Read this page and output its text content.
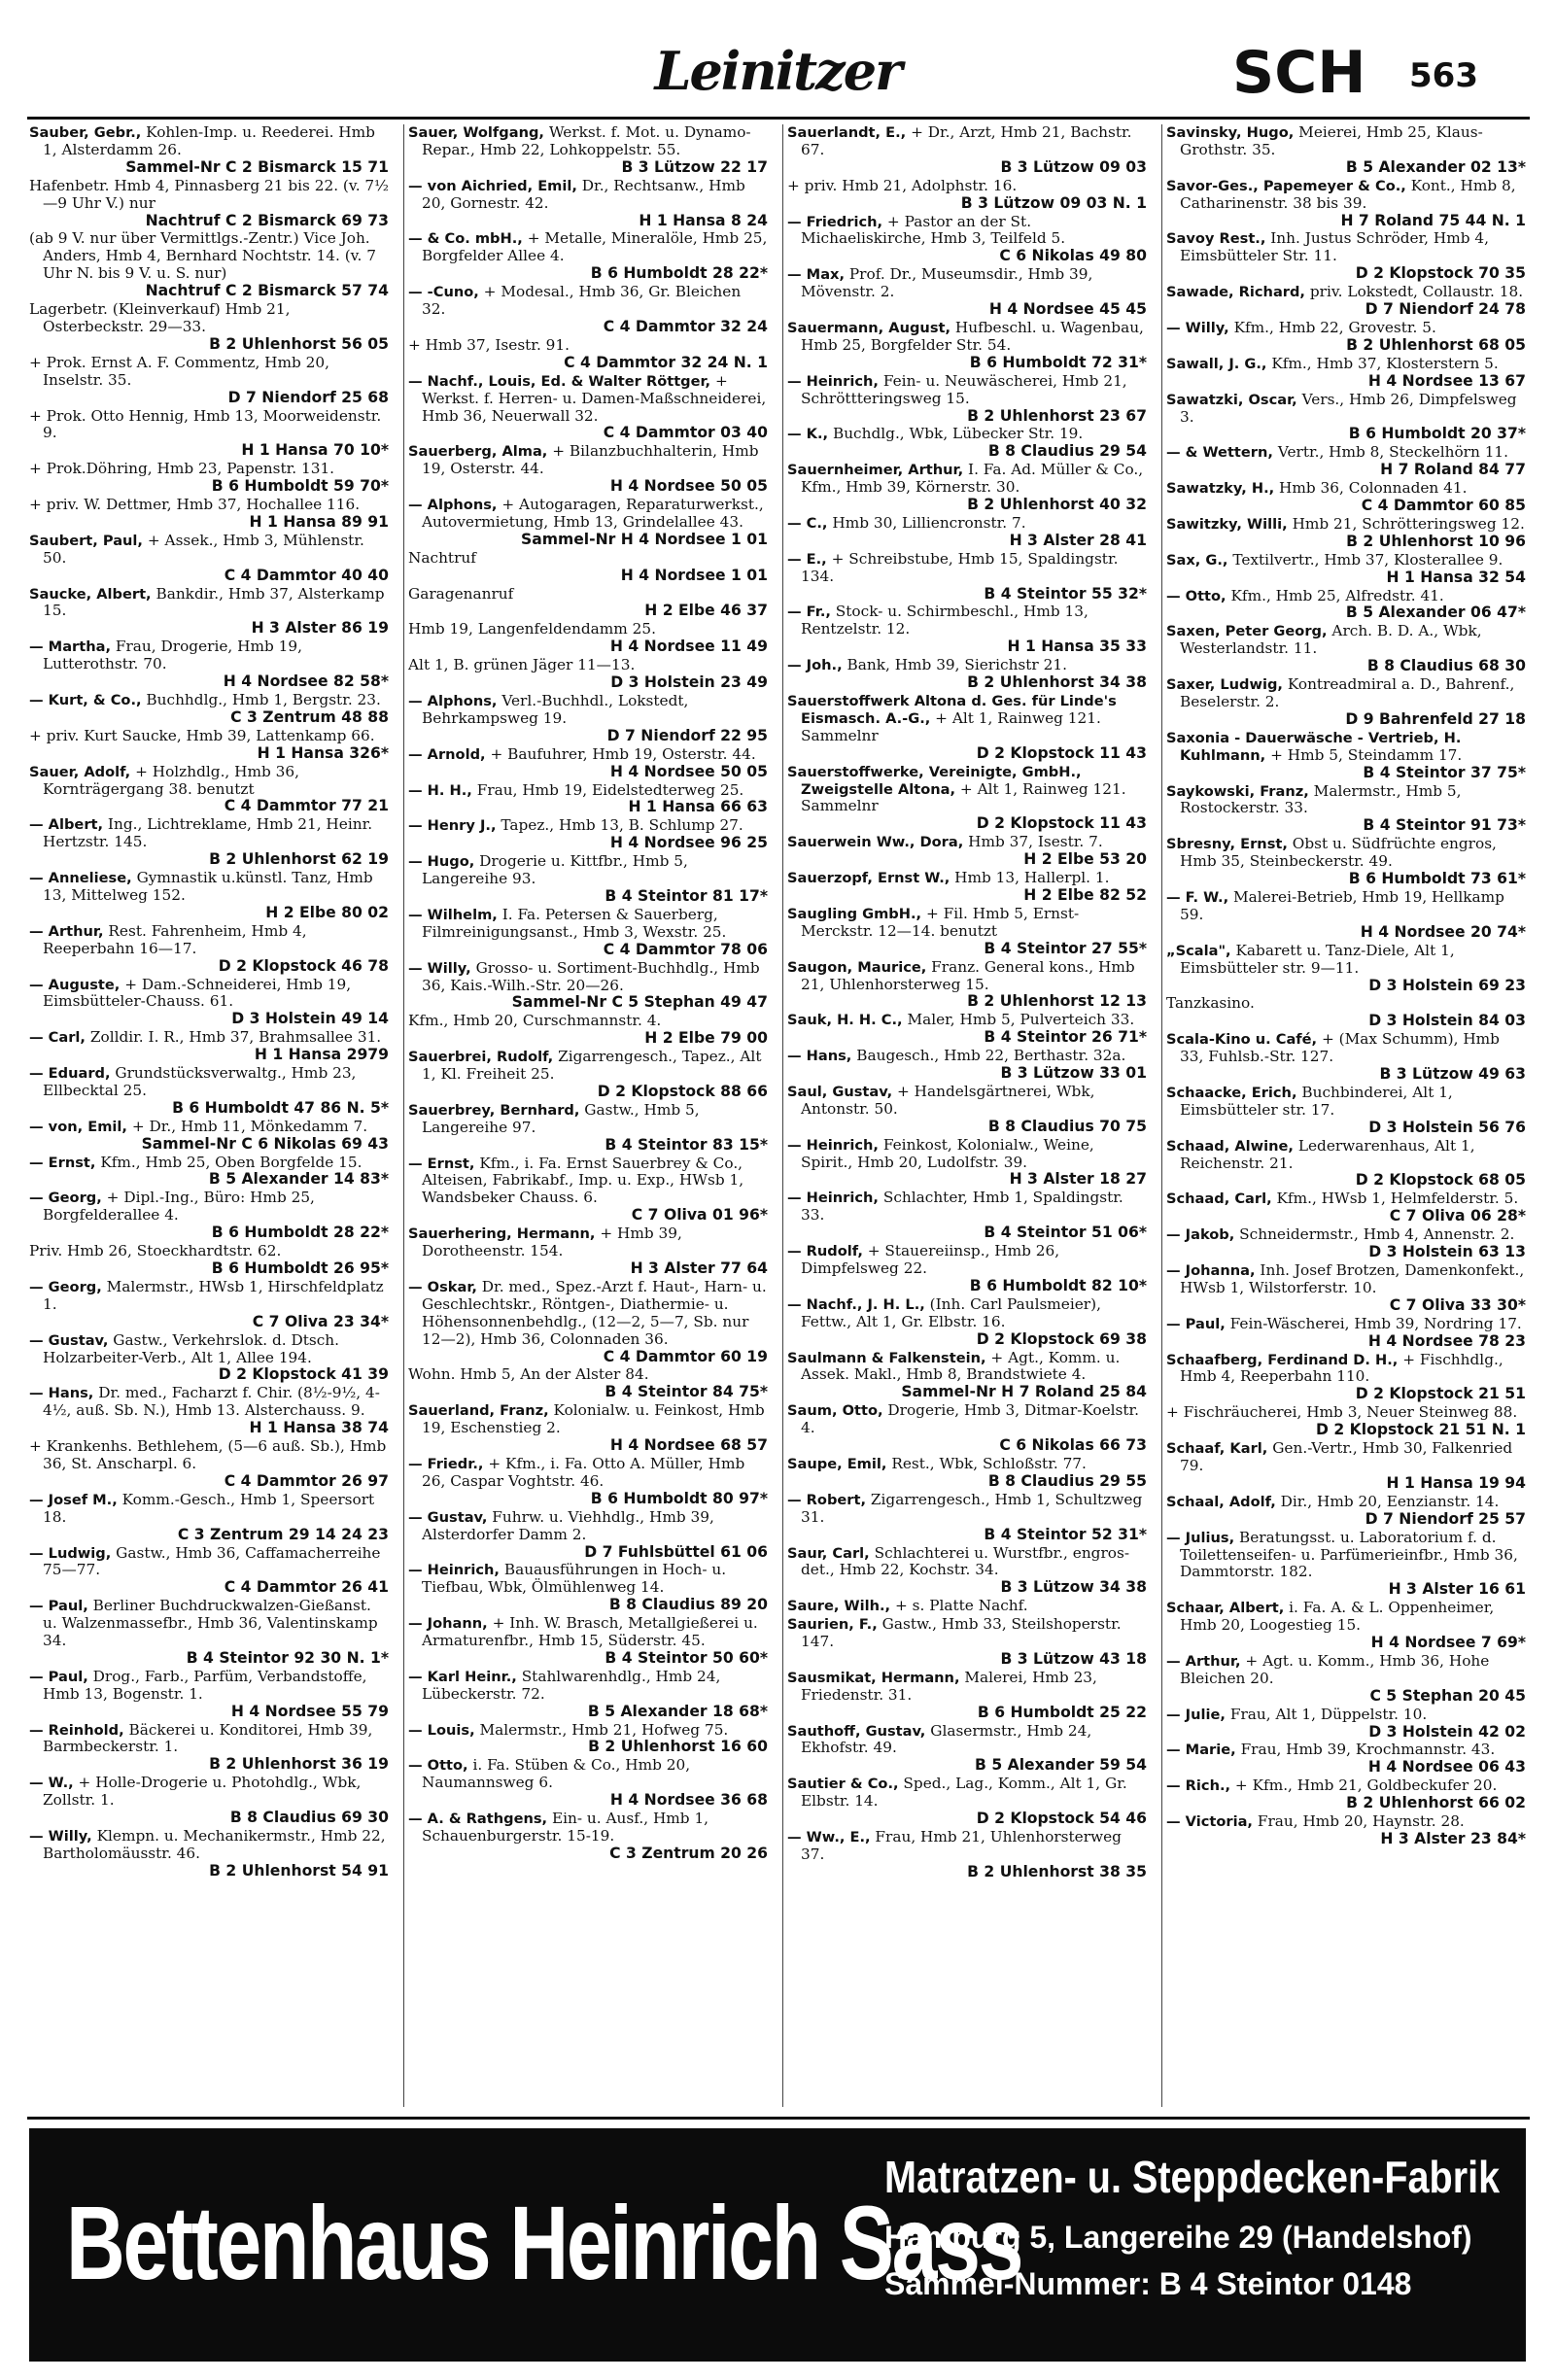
Leinitzer	SCH 563
Sauber, Gebr., Kohlen-Imp. u. Reederei. Hmb 1, Alsterdamm 26.
Sammel-Nr C 2 Bismarck 15 71
Hafenbetr. Hmb 4, Pinnasberg 21 bis 22. (v. 7½—9 Uhr V.) nur
Nachtruf C 2 Bismarck 69 73
(ab 9 V. nur über Vermittlgs.-Zentr.) Vice Joh. Anders, Hmb 4, Bernhard Nochtstr. 14. (v. 7 Uhr N. bis 9 V. u. S. nur)
Nachtruf C 2 Bismarck 57 74
Lagerbetr. (Kleinverkauf) Hmb 21, Osterbeckstr. 29—33.
B 2 Uhlenhorst 56 05
+ Prok. Ernst A. F. Commentz, Hmb 20, Inselstr. 35.
D 7 Niendorf 25 68
+ Prok. Otto Hennig, Hmb 13, Moorweidenstr. 9.
H 1 Hansa 70 10*
+ Prok.Döhring, Hmb 23, Papenstr. 131.
B 6 Humboldt 59 70*
+ priv. W. Dettmer, Hmb 37, Hochallee 116.
H 1 Hansa 89 91
Saubert, Paul, + Assek., Hmb 3, Mühlenstr. 50.
C 4 Dammtor 40 40
Saucke, Albert, Bankdir., Hmb 37, Alsterkamp 15.
H 3 Alster 86 19
— Martha, Frau, Drogerie, Hmb 19, Lutterothstr. 70.
H 4 Nordsee 82 58*
— Kurt, & Co., Buchhdlg., Hmb 1, Bergstr. 23.
C 3 Zentrum 48 88
+ priv. Kurt Saucke, Hmb 39, Lattenkamp 66.
H 1 Hansa 326*
Sauer, Adolf, + Holzhdlg., Hmb 36, Kornträgergang 38. benutzt
C 4 Dammtor 77 21
— Albert, Ing., Lichtreklame, Hmb 21, Heinr. Hertzstr. 145.
B 2 Uhlenhorst 62 19
— Anneliese, Gymnastik u.künstl. Tanz, Hmb 13, Mittelweg 152.
H 2 Elbe 80 02
— Arthur, Rest. Fahrenheim, Hmb 4, Reeperbahn 16—17.
D 2 Klopstock 46 78
— Auguste, + Dam.-Schneiderei, Hmb 19, Eimsbütteler-Chauss. 61.
D 3 Holstein 49 14
— Carl, Zolldir. I. R., Hmb 37, Brahmsallee 31.
H 1 Hansa 2979
— Eduard, Grundstücksverwaltg., Hmb 23, Ellbecktal 25.
B 6 Humboldt 47 86 N. 5*
— von, Emil, + Dr., Hmb 11, Mönkedamm 7.
Sammel-Nr C 6 Nikolas 69 43
— Ernst, Kfm., Hmb 25, Oben Borgfelde 15.
B 5 Alexander 14 83*
— Georg, + Dipl.-Ing., Büro: Hmb 25, Borgfelderallee 4.
B 6 Humboldt 28 22*
Priv. Hmb 26, Stoeckhardtstr. 62.
B 6 Humboldt 26 95*
— Georg, Malermstr., HWsb 1, Hirschfeldplatz 1.
C 7 Oliva 23 34*
— Gustav, Gastw., Verkehrslok. d. Dtsch. Holzarbeiter-Verb., Alt 1, Allee 194.
D 2 Klopstock 41 39
— Hans, Dr. med., Facharzt f. Chir. (8½-9½, 4-4½, auß. Sb. N.), Hmb 13. Alsterchauss. 9.
H 1 Hansa 38 74
+ Krankenhs. Bethlehem, (5—6 auß. Sb.), Hmb 36, St. Anscharpl. 6.
C 4 Dammtor 26 97
— Josef M., Komm.-Gesch., Hmb 1, Speersort 18.
C 3 Zentrum 29 14 24 23
— Ludwig, Gastw., Hmb 36, Caffamacherreihe 75—77.
C 4 Dammtor 26 41
— Paul, Berliner Buchdruckwalzen-Gießanst. u. Walzenmassefbr., Hmb 36, Valentinskamp 34.
B 4 Steintor 92 30 N. 1*
— Paul, Drog., Farb., Parfüm, Verbandstoffe, Hmb 13, Bogenstr. 1.
H 4 Nordsee 55 79
— Reinhold, Bäckerei u. Konditorei, Hmb 39, Barmbeckerstr. 1.
B 2 Uhlenhorst 36 19
— W., + Holle-Drogerie u. Photohdlg., Wbk, Zollstr. 1.
B 8 Claudius 69 30
— Willy, Klempn. u. Mechanikermstr., Hmb 22, Bartholomäusstr. 46.
B 2 Uhlenhorst 54 91
Sauer, Wolfgang, Werkst. f. Mot. u. Dynamo-Repar., Hmb 22, Lohkoppelstr. 55.
B 3 Lützow 22 17
— von Aichried, Emil, Dr., Rechtsanw., Hmb 20, Gornestr. 42.
H 1 Hansa 8 24
— & Co. mbH., + Metalle, Mineralöle, Hmb 25, Borgfelder Allee 4.
B 6 Humboldt 28 22*
— -Cuno, + Modesal., Hmb 36, Gr. Bleichen 32.
C 4 Dammtor 32 24
+ Hmb 37, Isestr. 91.
C 4 Dammtor 32 24 N. 1
— Nachf., Louis, Ed. & Walter Röttger, + Werkst. f. Herren- u. Damen-Maßschneiderei, Hmb 36, Neuerwall 32.
C 4 Dammtor 03 40
Sauerberg, Alma, + Bilanzbuchhalterin, Hmb 19, Osterstr. 44.
H 4 Nordsee 50 05
— Alphons, + Autogaragen, Reparaturwerkst., Autovermietung, Hmb 13, Grindelallee 43.
Sammel-Nr H 4 Nordsee 1 01
Nachtruf
H 4 Nordsee 1 01
Garagenanruf
H 2 Elbe 46 37
Hmb 19, Langenfeldendamm 25.
H 4 Nordsee 11 49
Alt 1, B. grünen Jäger 11—13.
D 3 Holstein 23 49
— Alphons, Verl.-Buchhdl., Lokstedt, Behrkampsweg 19.
D 7 Niendorf 22 95
— Arnold, + Baufuhrer, Hmb 19, Osterstr. 44.
H 4 Nordsee 50 05
— H. H., Frau, Hmb 19, Eidelstedterweg 25.
H 1 Hansa 66 63
— Henry J., Tapez., Hmb 13, B. Schlump 27.
H 4 Nordsee 96 25
— Hugo, Drogerie u. Kittfbr., Hmb 5, Langereihe 93.
B 4 Steintor 81 17*
— Wilhelm, I. Fa. Petersen & Sauerberg, Filmreinigungsanst., Hmb 3, Wexstr. 25.
C 4 Dammtor 78 06
— Willy, Grosso- u. Sortiment-Buchhdlg., Hmb 36, Kais.-Wilh.-Str. 20—26.
Sammel-Nr C 5 Stephan 49 47
Kfm., Hmb 20, Curschmannstr. 4.
H 2 Elbe 79 00
Sauerbrei, Rudolf, Zigarrengesch., Tapez., Alt 1, Kl. Freiheit 25.
D 2 Klopstock 88 66
Sauerbrey, Bernhard, Gastw., Hmb 5, Langereihe 97.
B 4 Steintor 83 15*
— Ernst, Kfm., i. Fa. Ernst Sauerbrey & Co., Alteisen, Fabrikabf., Imp. u. Exp., HWsb 1, Wandsbeker Chauss. 6.
C 7 Oliva 01 96*
Sauerhering, Hermann, + Hmb 39, Dorotheenstr. 154.
H 3 Alster 77 64
— Oskar, Dr. med., Spez.-Arzt f. Haut-, Harn- u. Geschlechtskr., Röntgen-, Diathermie- u. Höhensonnenbehdlg., (12—2, 5—7, Sb. nur 12—2), Hmb 36, Colonnaden 36.
C 4 Dammtor 60 19
Wohn. Hmb 5, An der Alster 84.
B 4 Steintor 84 75*
Sauerland, Franz, Kolonialw. u. Feinkost, Hmb 19, Eschenstieg 2.
H 4 Nordsee 68 57
— Friedr., + Kfm., i. Fa. Otto A. Müller, Hmb 26, Caspar Voghtstr. 46.
B 6 Humboldt 80 97*
— Gustav, Fuhrw. u. Viehhdlg., Hmb 39, Alsterdorfer Damm 2.
D 7 Fuhlsbüttel 61 06
— Heinrich, Bauausführungen in Hoch- u. Tiefbau, Wbk, Ölmühlenweg 14.
B 8 Claudius 89 20
— Johann, + Inh. W. Brasch, Metallgießerei u. Armaturenfbr., Hmb 15, Süderstr. 45.
B 4 Steintor 50 60*
— Karl Heinr., Stahlwarenhdlg., Hmb 24, Lübeckerstr. 72.
B 5 Alexander 18 68*
— Louis, Malermstr., Hmb 21, Hofweg 75.
B 2 Uhlenhorst 16 60
— Otto, i. Fa. Stüben & Co., Hmb 20, Naumannsweg 6.
H 4 Nordsee 36 68
— A. & Rathgens, Ein- u. Ausf., Hmb 1, Schauenburgerstr. 15-19.
C 3 Zentrum 20 26
Sauerlandt, E., + Dr., Arzt, Hmb 21, Bachstr. 67.
B 3 Lützow 09 03
+ priv. Hmb 21, Adolphstr. 16.
B 3 Lützow 09 03 N. 1
— Friedrich, + Pastor an der St. Michaeliskirche, Hmb 3, Teilfeld 5.
C 6 Nikolas 49 80
— Max, Prof. Dr., Museumsdir., Hmb 39, Mövenstr. 2.
H 4 Nordsee 45 45
Sauermann, August, Hufbeschl. u. Wagenbau, Hmb 25, Borgfelder Str. 54.
B 6 Humboldt 72 31*
— Heinrich, Fein- u. Neuwäscherei, Hmb 21, Schröttteringsweg 15.
B 2 Uhlenhorst 23 67
— K., Buchdlg., Wbk, Lübecker Str. 19.
B 8 Claudius 29 54
Sauernheimer, Arthur, I. Fa. Ad. Müller & Co., Kfm., Hmb 39, Körnerstr. 30.
B 2 Uhlenhorst 40 32
— C., Hmb 30, Lilliencronstr. 7.
H 3 Alster 28 41
— E., + Schreibstube, Hmb 15, Spaldingstr. 134.
B 4 Steintor 55 32*
— Fr., Stock- u. Schirmbeschl., Hmb 13, Rentzelstr. 12.
H 1 Hansa 35 33
— Joh., Bank, Hmb 39, Sierichstr 21.
B 2 Uhlenhorst 34 38
Sauerstoffwerk Altona d. Ges. für Linde's Eismasch. A.-G., + Alt 1, Rainweg 121. Sammelnr
D 2 Klopstock 11 43
Sauerstoffwerke, Vereinigte, GmbH., Zweigstelle Altona, + Alt 1, Rainweg 121. Sammelnr
D 2 Klopstock 11 43
Sauerwein Ww., Dora, Hmb 37, Isestr. 7.
H 2 Elbe 53 20
Sauerzopf, Ernst W., Hmb 13, Hallerpl. 1.
H 2 Elbe 82 52
Saugling GmbH., + Fil. Hmb 5, Ernst-Merckstr. 12—14. benutzt
B 4 Steintor 27 55*
Saugon, Maurice, Franz. General kons., Hmb 21, Uhlenhorsterweg 15.
B 2 Uhlenhorst 12 13
Sauk, H. H. C., Maler, Hmb 5, Pulverteich 33.
B 4 Steintor 26 71*
— Hans, Baugesch., Hmb 22, Berthastr. 32a.
B 3 Lützow 33 01
Saul, Gustav, + Handelsgärtnerei, Wbk, Antonstr. 50.
B 8 Claudius 70 75
— Heinrich, Feinkost, Kolonialw., Weine, Spirit., Hmb 20, Ludolfstr. 39.
H 3 Alster 18 27
— Heinrich, Schlachter, Hmb 1, Spaldingstr. 33.
B 4 Steintor 51 06*
— Rudolf, + Stauereiinsp., Hmb 26, Dimpfelsweg 22.
B 6 Humboldt 82 10*
— Nachf., J. H. L., (Inh. Carl Paulsmeier), Fettw., Alt 1, Gr. Elbstr. 16.
D 2 Klopstock 69 38
Saulmann & Falkenstein, + Agt., Komm. u. Assek. Makl., Hmb 8, Brandstwiete 4.
Sammel-Nr H 7 Roland 25 84
Saum, Otto, Drogerie, Hmb 3, Ditmar-Koelstr. 4.
C 6 Nikolas 66 73
Saupe, Emil, Rest., Wbk, Schloßstr. 77.
B 8 Claudius 29 55
— Robert, Zigarrengesch., Hmb 1, Schultzweg 31.
B 4 Steintor 52 31*
Saur, Carl, Schlachterei u. Wurstfbr., engros-det., Hmb 22, Kochstr. 34.
B 3 Lützow 34 38
Saure, Wilh., + s. Platte Nachf.
Saurien, F., Gastw., Hmb 33, Steilshoperstr. 147.
B 3 Lützow 43 18
Sausmikat, Hermann, Malerei, Hmb 23, Friedenstr. 31.
B 6 Humboldt 25 22
Sauthoff, Gustav, Glasermstr., Hmb 24, Ekhofstr. 49.
B 5 Alexander 59 54
Sautier & Co., Sped., Lag., Komm., Alt 1, Gr. Elbstr. 14.
D 2 Klopstock 54 46
— Ww., E., Frau, Hmb 21, Uhlenhorsterweg 37.
B 2 Uhlenhorst 38 35
Savinsky, Hugo, Meierei, Hmb 25, Klaus-Grothstr. 35.
B 5 Alexander 02 13*
Savor-Ges., Papemeyer & Co., Kont., Hmb 8, Catharinenstr. 38 bis 39.
H 7 Roland 75 44 N. 1
Savoy Rest., Inh. Justus Schröder, Hmb 4, Eimsbütteler Str. 11.
D 2 Klopstock 70 35
Sawade, Richard, priv. Lokstedt, Collaustr. 18.
D 7 Niendorf 24 78
— Willy, Kfm., Hmb 22, Grovestr. 5.
B 2 Uhlenhorst 68 05
Sawall, J. G., Kfm., Hmb 37, Klosterstern 5.
H 4 Nordsee 13 67
Sawatzki, Oscar, Vers., Hmb 26, Dimpfelsweg 3.
B 6 Humboldt 20 37*
— & Wettern, Vertr., Hmb 8, Steckelhörn 11.
H 7 Roland 84 77
Sawatzky, H., Hmb 36, Colonnaden 41.
C 4 Dammtor 60 85
Sawitzky, Willi, Hmb 21, Schrötteringsweg 12.
B 2 Uhlenhorst 10 96
Sax, G., Textilvertr., Hmb 37, Klosterallee 9.
H 1 Hansa 32 54
— Otto, Kfm., Hmb 25, Alfredstr. 41.
B 5 Alexander 06 47*
Saxen, Peter Georg, Arch. B. D. A., Wbk, Westerlandstr. 11.
B 8 Claudius 68 30
Saxer, Ludwig, Kontreadmiral a. D., Bahrenf., Beselerstr. 2.
D 9 Bahrenfeld 27 18
Saxonia - Dauerwäsche - Vertrieb, H. Kuhlmann, + Hmb 5, Steindamm 17.
B 4 Steintor 37 75*
Saykowski, Franz, Malermstr., Hmb 5, Rostockerstr. 33.
B 4 Steintor 91 73*
Sbresny, Ernst, Obst u. Südfrüchte engros, Hmb 35, Steinbeckerstr. 49.
B 6 Humboldt 73 61*
— F. W., Malerei-Betrieb, Hmb 19, Hellkamp 59.
H 4 Nordsee 20 74*
„Scala", Kabarett u. Tanz-Diele, Alt 1, Eimsbütteler str. 9—11.
D 3 Holstein 69 23
Tanzkasino.
D 3 Holstein 84 03
Scala-Kino u. Café, + (Max Schumm), Hmb 33, Fuhlsb.-Str. 127.
B 3 Lützow 49 63
Schaacke, Erich, Buchbinderei, Alt 1, Eimsbütteler str. 17.
D 3 Holstein 56 76
Schaad, Alwine, Lederwarenhaus, Alt 1, Reichenstr. 21.
D 2 Klopstock 68 05
Schaad, Carl, Kfm., HWsb 1, Helmfelderstr. 5.
C 7 Oliva 06 28*
— Jakob, Schneidermstr., Hmb 4, Annenstr. 2.
D 3 Holstein 63 13
— Johanna, Inh. Josef Brotzen, Damenkonfekt., HWsb 1, Wilstorferstr. 10.
C 7 Oliva 33 30*
— Paul, Fein-Wäscherei, Hmb 39, Nordring 17.
H 4 Nordsee 78 23
Schaafberg, Ferdinand D. H., + Fischhdlg., Hmb 4, Reeperbahn 110.
D 2 Klopstock 21 51
+ Fischräucherei, Hmb 3, Neuer Steinweg 88.
D 2 Klopstock 21 51 N. 1
Schaaf, Karl, Gen.-Vertr., Hmb 30, Falkenried 79.
H 1 Hansa 19 94
Schaal, Adolf, Dir., Hmb 20, Eenzianstr. 14.
D 7 Niendorf 25 57
— Julius, Beratungsst. u. Laboratorium f. d. Toilettenseifen- u. Parfümerieinfbr., Hmb 36, Dammtorstr. 182.
H 3 Alster 16 61
Schaar, Albert, i. Fa. A. & L. Oppenheimer, Hmb 20, Loogestieg 15.
H 4 Nordsee 7 69*
— Arthur, + Agt. u. Komm., Hmb 36, Hohe Bleichen 20.
C 5 Stephan 20 45
— Julie, Frau, Alt 1, Düppelstr. 10.
D 3 Holstein 42 02
— Marie, Frau, Hmb 39, Krochmannstr. 43.
H 4 Nordsee 06 43
— Rich., + Kfm., Hmb 21, Goldbeckufer 20.
B 2 Uhlenhorst 66 02
— Victoria, Frau, Hmb 20, Haynstr. 28.
H 3 Alster 23 84*
Bettenhaus Heinrich Sass
Matratzen- u. Steppdecken-Fabrik
Hamburg 5, Langereihe 29 (Handelshof)
Sammel-Nummer: B 4 Steintor 0148
